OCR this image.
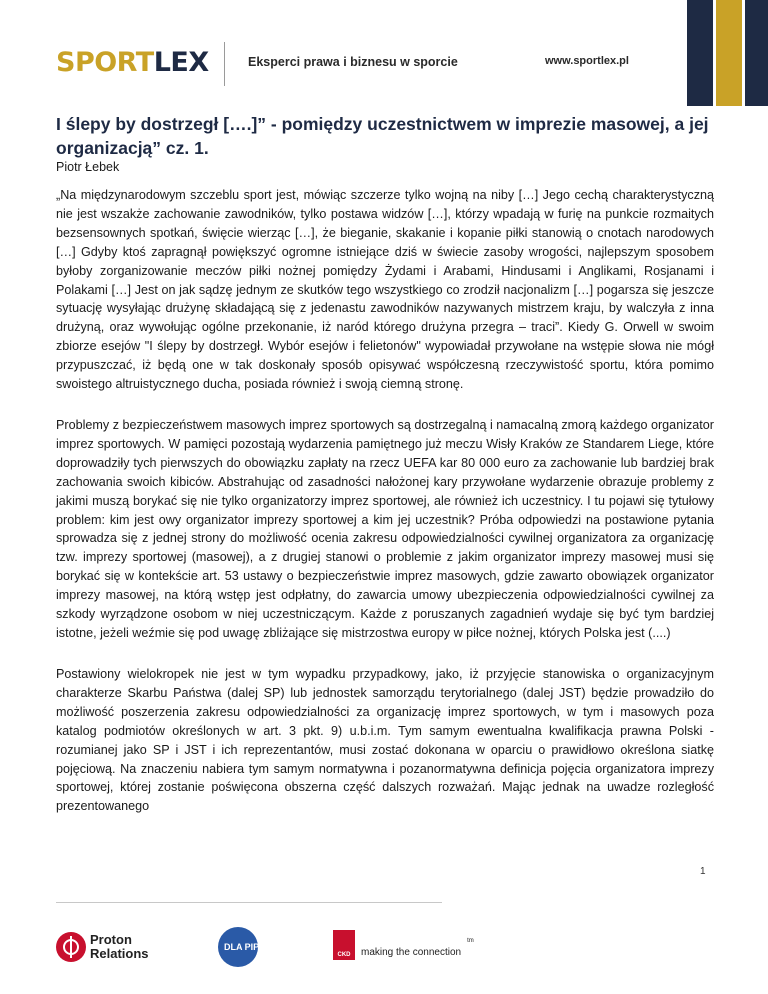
SPORTLEX	Eksperci prawa i biznesu w sporcie	www.sportlex.pl
I ślepy by dostrzegł [….]” - pomiędzy uczestnictwem w imprezie masowej, a jej organizacją” cz. 1.
Piotr Łebek
„Na międzynarodowym szczeblu sport jest, mówiąc szczerze tylko wojną na niby […] Jego cechą charakterystyczną nie jest wszakże zachowanie zawodników, tylko postawa widzów […], którzy wpadają w furię na punkcie rozmaitych bezsensownych spotkań, święcie wierząc […], że bieganie, skakanie i kopanie piłki stanowią o cnotach narodowych […] Gdyby ktoś zapragnął powiększyć ogromne istniejące dziś w świecie zasoby wrogości, najlepszym sposobem byłoby zorganizowanie meczów piłki nożnej pomiędzy Żydami i Arabami, Hindusami i Anglikami, Rosjanami i Polakami […] Jest on jak sądzę jednym ze skutków tego wszystkiego co zrodził nacjonalizm […] pogarsza się jeszcze sytuację wysyłając drużynę składającą się z jedenastu zawodników nazywanych mistrzem kraju, by walczyła z inna drużyną, oraz wywołując ogólne przekonanie, iż naród którego drużyna przegra – traci”. Kiedy G. Orwell w swoim zbiorze esejów "I ślepy by dostrzegł. Wybór esejów i felietonów" wypowiadał przywołane na wstępie słowa nie mógł przypuszczać, iż będą one w tak doskonały sposób opisywać współczesną rzeczywistość sportu, która pomimo swoistego altruistycznego ducha, posiada również i swoją ciemną stronę.
Problemy z bezpieczeństwem masowych imprez sportowych są dostrzegalną i namacalną zmorą każdego organizator imprez sportowych. W pamięci pozostają wydarzenia pamiętnego już meczu Wisły Kraków ze Standarem Liege, które doprowadziły tych pierwszych do obowiązku zapłaty na rzecz UEFA kar 80 000 euro za zachowanie lub bardziej brak zachowania swoich kibiców. Abstrahując od zasadności nałożonej kary przywołane wydarzenie obrazuje problemy z jakimi muszą borykać się nie tylko organizatorzy imprez sportowej, ale również ich uczestnicy. I tu pojawi się tytułowy problem: kim jest owy organizator imprezy sportowej a kim jej uczestnik? Próba odpowiedzi na postawione pytania sprowadza się z jednej strony do możliwość ocenia zakresu odpowiedzialności cywilnej organizatora za organizację tzw. imprezy sportowej (masowej), a z drugiej stanowi o problemie z jakim organizator imprezy masowej musi się borykać się w kontekście art. 53 ustawy o bezpieczeństwie imprez masowych, gdzie zawarto obowiązek organizator imprezy masowej, na którą wstęp jest odpłatny, do zawarcia umowy ubezpieczenia odpowiedzialności cywilnej za szkody wyrządzone osobom w niej uczestniczącym. Każde z poruszanych zagadnień wydaje się być tym bardziej istotne, jeżeli weźmie się pod uwagę zbliżające się mistrzostwa europy w piłce nożnej, których Polska jest (....)
Postawiony wielokropek nie jest w tym wypadku przypadkowy, jako, iż przyjęcie stanowiska o organizacyjnym charakterze Skarbu Państwa (dalej SP) lub jednostek samorządu terytorialnego (dalej JST) będzie prowadziło do możliwość poszerzenia zakresu odpowiedzialności za organizację imprez sportowych, w tym i masowych poza katalog podmiotów określonych w art. 3 pkt. 9) u.b.i.m. Tym samym ewentualna kwalifikacja prawna Polski - rozumianej jako SP i JST i ich reprezentantów, musi zostać dokonana w oparciu o prawidłowo określona siatkę pojęciową. Na znaczeniu nabiera tym samym normatywna i pozanormatywna definicja pojęcia organizatora imprezy sportowej, której zostanie poświęcona obszerna część dalszych rozważań. Mając jednak na uwadze rozległość prezentowanego
1
Proton
Relations	DLA PIPER
CKD	making the connection
tm
